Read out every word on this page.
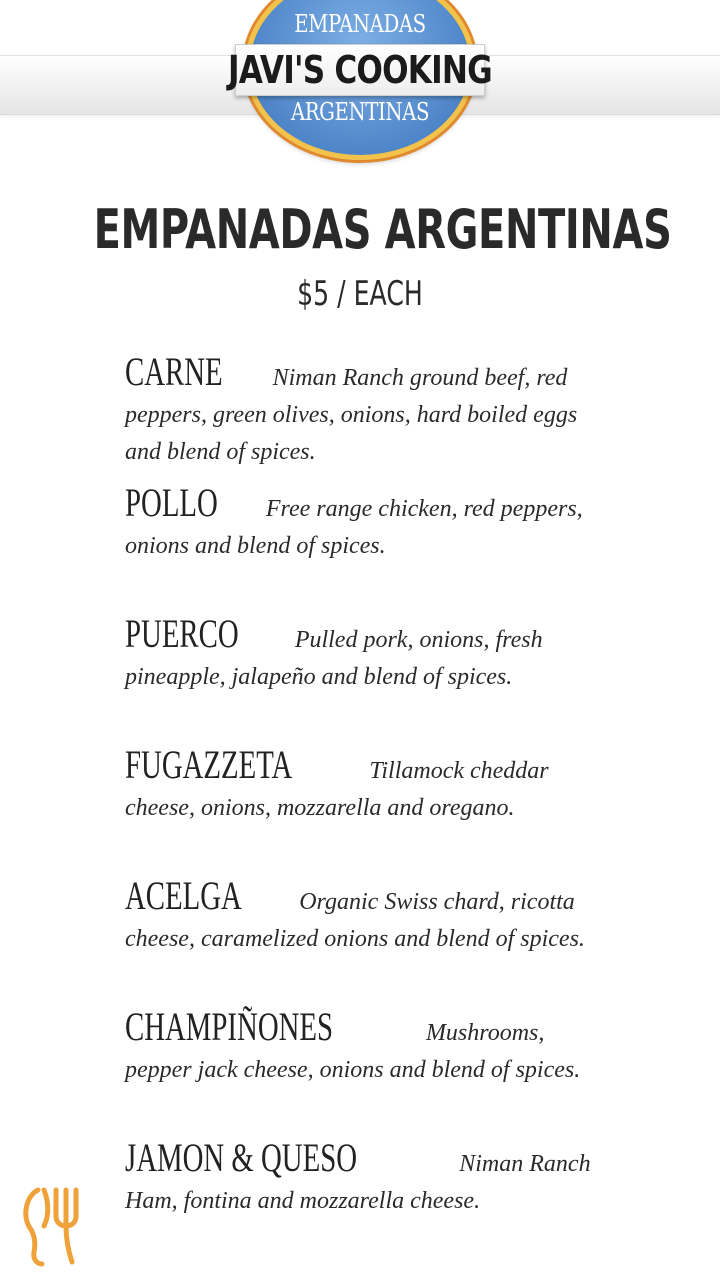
EMPANADAS
JAVI'S COOKING
ARGENTINAS
EMPANADAS ARGENTINAS
$5 / EACH
CARNE Niman Ranch ground beef, red peppers, green olives, onions, hard boiled eggs and blend of spices.
POLLO Free range chicken, red peppers, onions and blend of spices.
PUERCO Pulled pork, onions, fresh pineapple, jalapeño and blend of spices.
FUGAZZETA	Tillamock cheddar cheese, onions, mozzarella and oregano.
ACELGA Organic Swiss chard, ricotta cheese, caramelized onions and blend of spices.
CHAMPIÑONES	Mushrooms, pepper jack cheese, onions and blend of spices.
JAMON & QUESO	Niman Ranch Ham, fontina and mozzarella cheese.
